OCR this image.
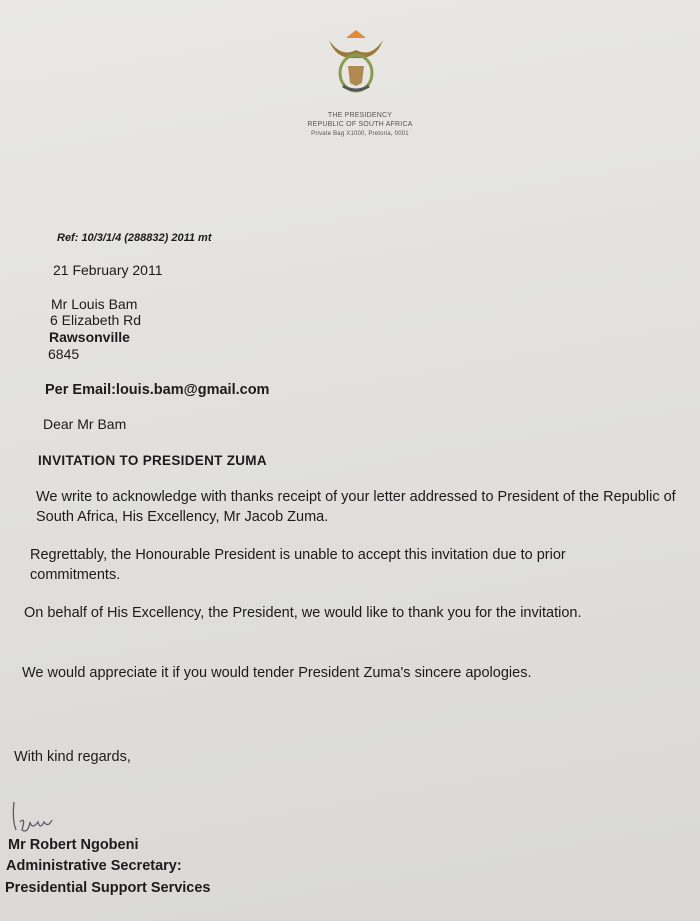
THE PRESIDENCY
REPUBLIC OF SOUTH AFRICA
Private Bag X1000, Pretoria, 0001
Ref: 10/3/1/4 (288832) 2011 mt
21 February 2011
Mr Louis Bam
6 Elizabeth Rd
Rawsonville
6845
Per Email:louis.bam@gmail.com
Dear Mr Bam
INVITATION TO PRESIDENT ZUMA
We write to acknowledge with thanks receipt of your letter addressed to President of the Republic of South Africa, His Excellency, Mr Jacob Zuma.
Regrettably, the Honourable President is unable to accept this invitation due to prior commitments.
On behalf of His Excellency, the President, we would like to thank you for the invitation.
We would appreciate it if you would tender President Zuma's sincere apologies.
With kind regards,
Mr Robert Ngobeni
Administrative Secretary:
Presidential Support Services
